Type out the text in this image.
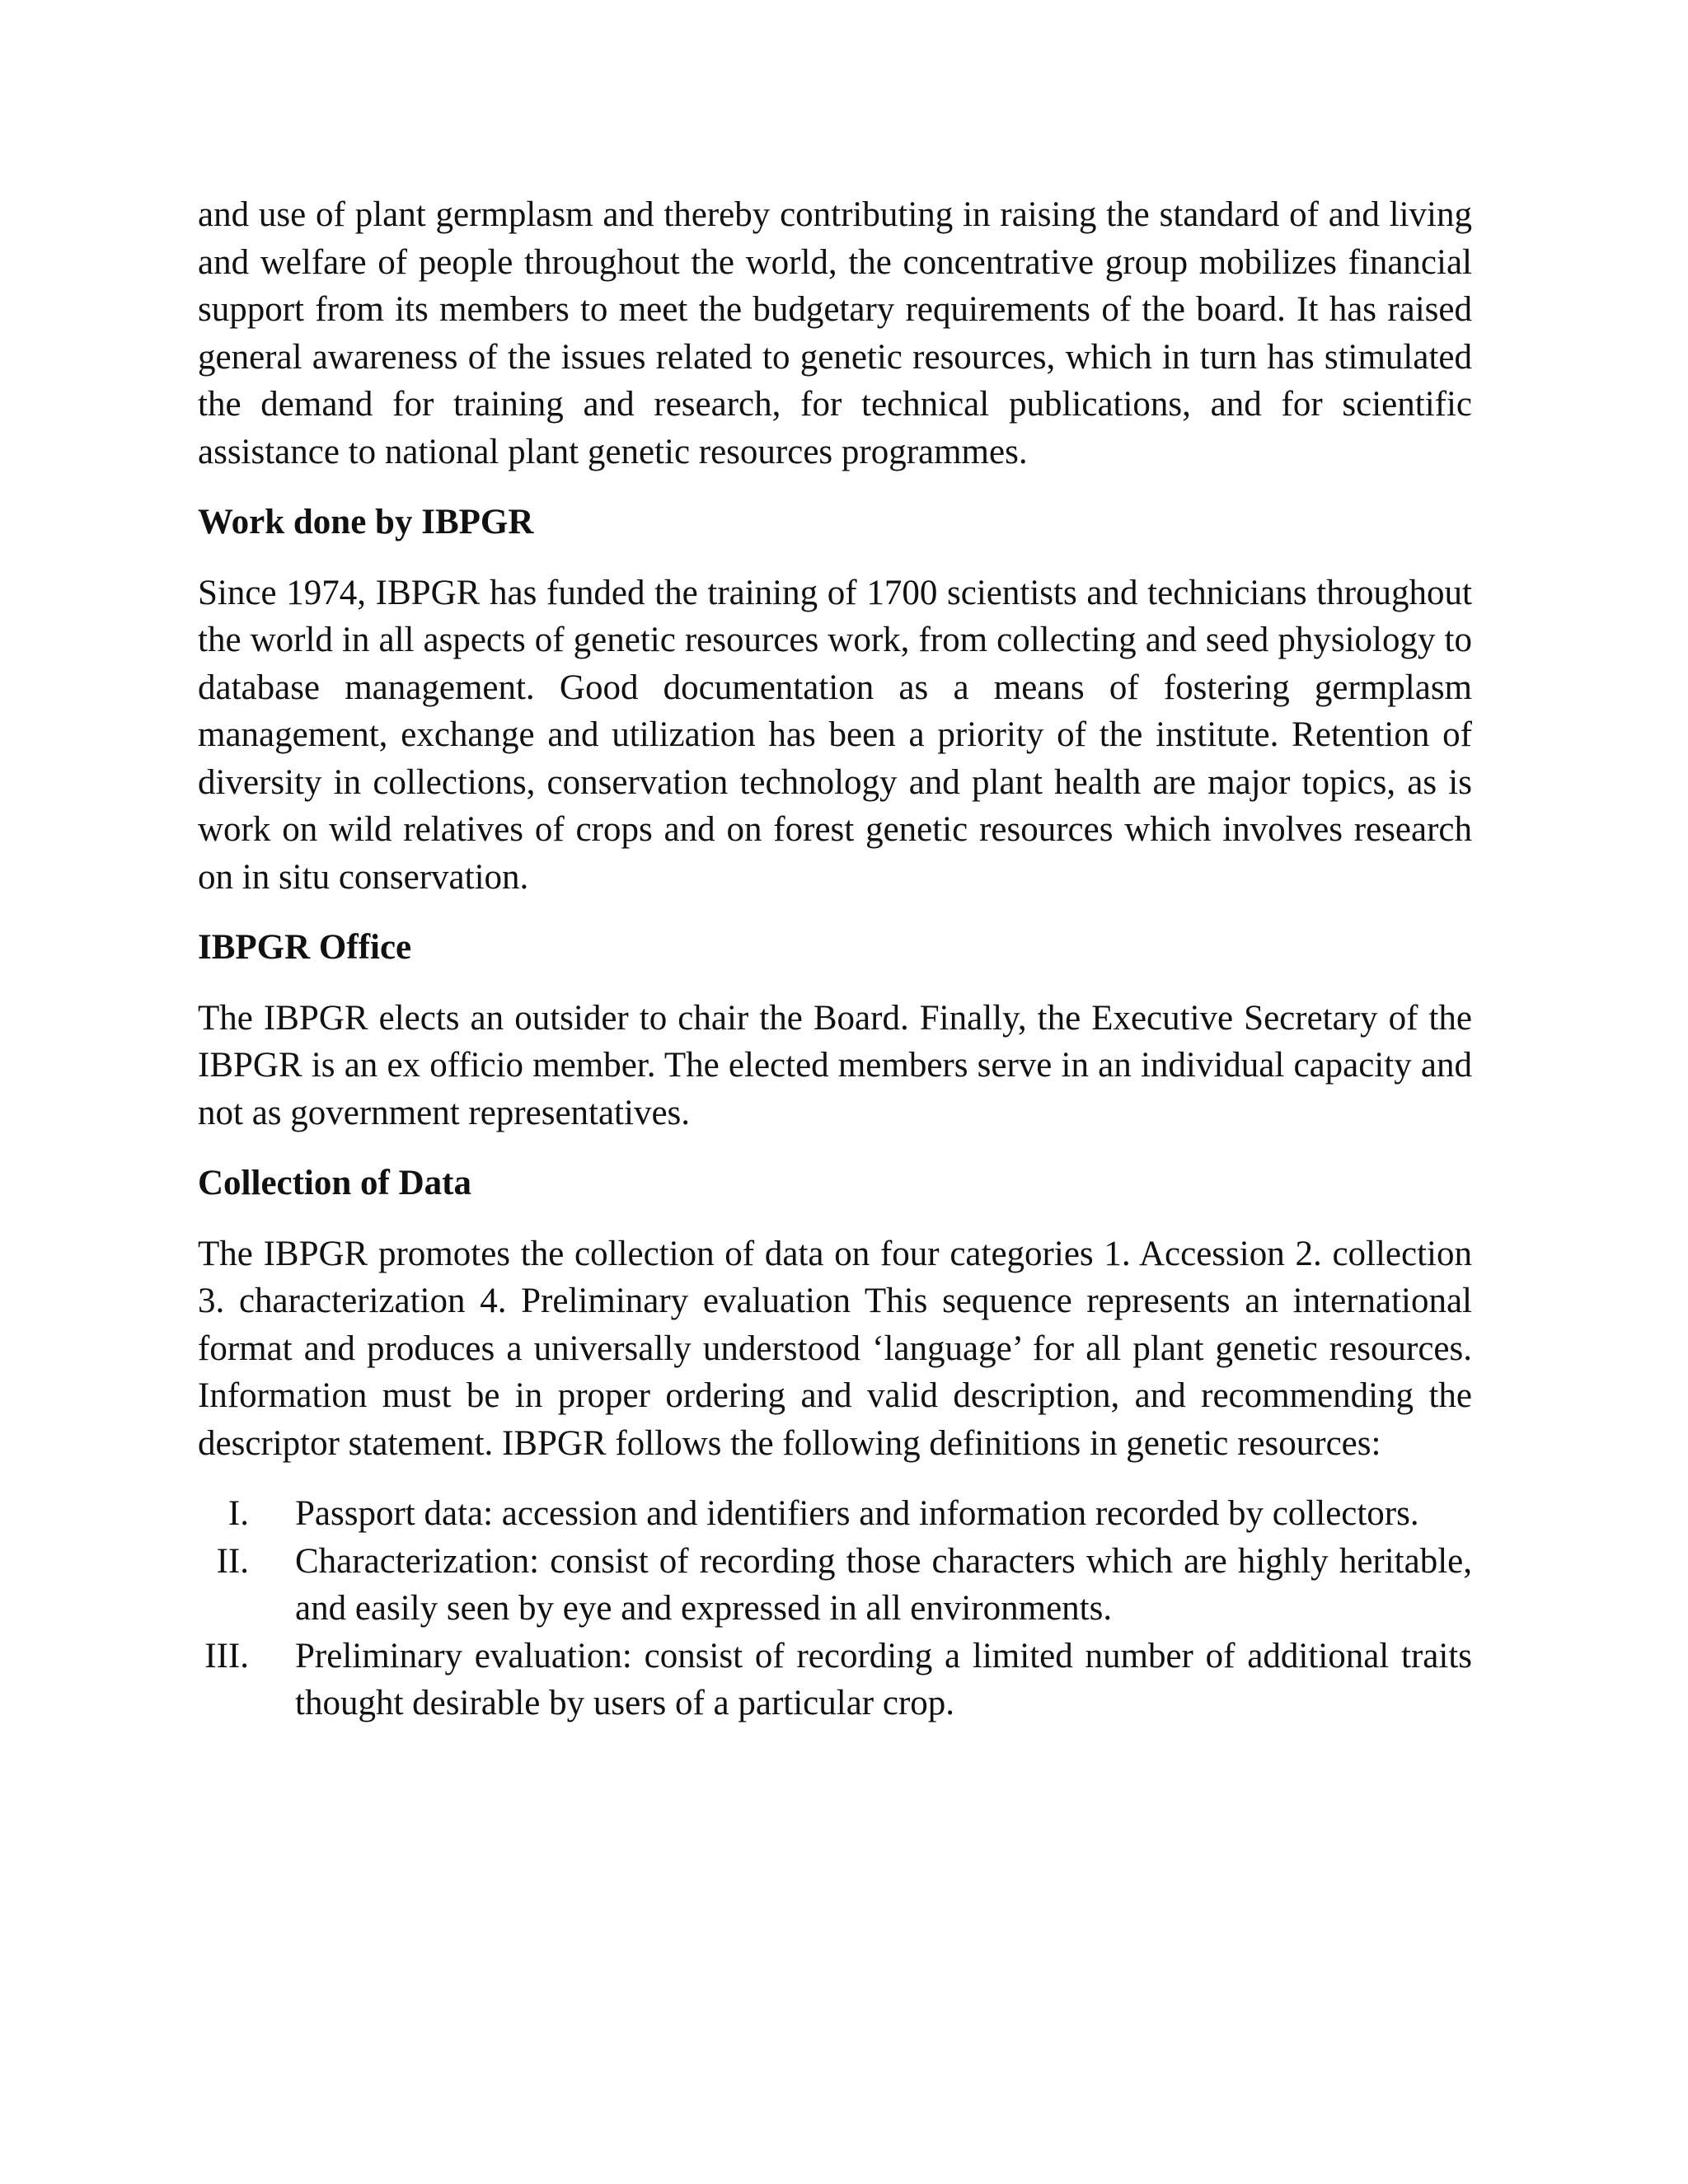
and use of plant germplasm and thereby contributing in raising the standard of and living and welfare of people throughout the world, the concentrative group mobilizes financial support from its members to meet the budgetary requirements of the board. It has raised general awareness of the issues related to genetic resources, which in turn has stimulated the demand for training and research, for technical publications, and for scientific assistance to national plant genetic resources programmes.

Work done by IBPGR

Since 1974, IBPGR has funded the training of 1700 scientists and technicians throughout the world in all aspects of genetic resources work, from collecting and seed physiology to database management. Good documentation as a means of fostering germplasm management, exchange and utilization has been a priority of the institute. Retention of diversity in collections, conservation technology and plant health are major topics, as is work on wild relatives of crops and on forest genetic resources which involves research on in situ conservation.

IBPGR Office

The IBPGR elects an outsider to chair the Board. Finally, the Executive Secretary of the IBPGR is an ex officio member. The elected members serve in an individual capacity and not as government representatives.

Collection of Data

The IBPGR promotes the collection of data on four categories 1. Accession 2. collection 3. characterization 4. Preliminary evaluation This sequence represents an international format and produces a universally understood ‘language’ for all plant genetic resources. Information must be in proper ordering and valid description, and recommending the descriptor statement. IBPGR follows the following definitions in genetic resources:

I. Passport data: accession and identifiers and information recorded by collectors.
II. Characterization: consist of recording those characters which are highly heritable, and easily seen by eye and expressed in all environments.
III. Preliminary evaluation: consist of recording a limited number of additional traits thought desirable by users of a particular crop.
